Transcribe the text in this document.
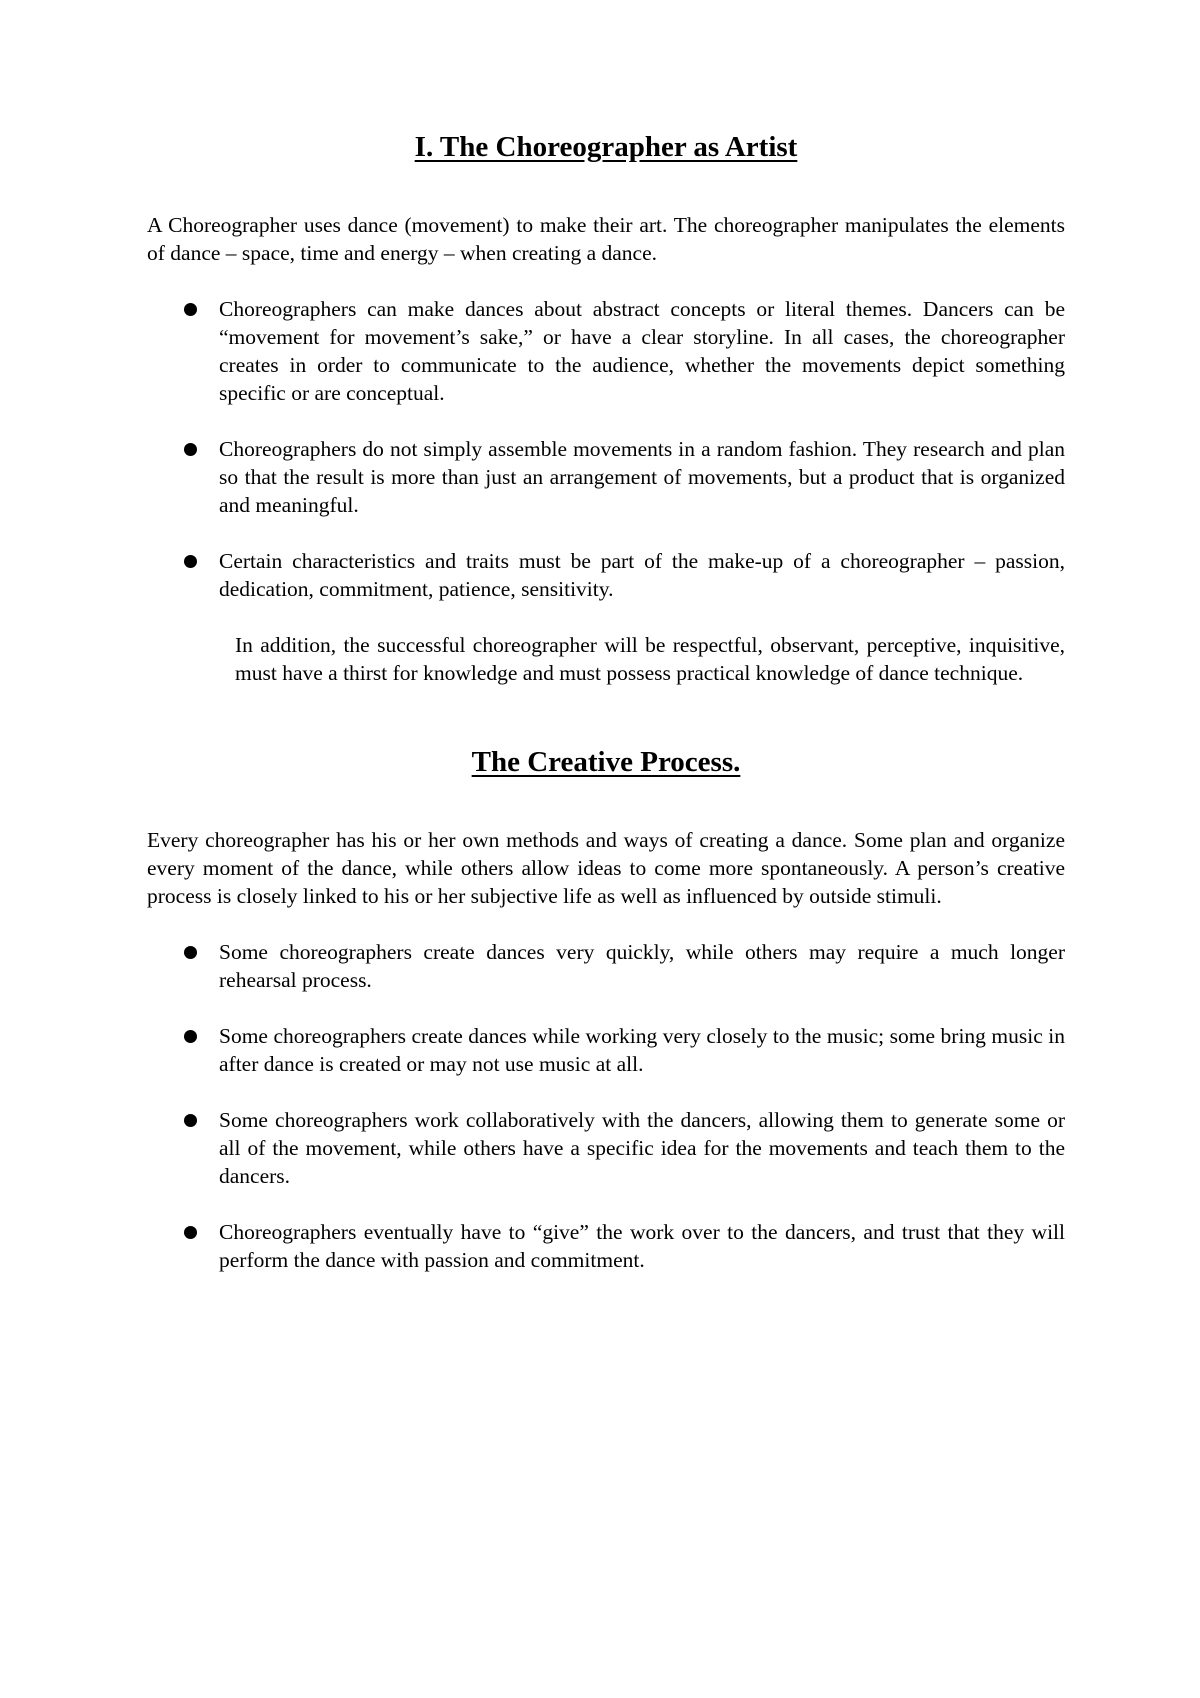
I. The Choreographer as Artist

A Choreographer uses dance (movement) to make their art. The choreographer manipulates the elements of dance – space, time and energy – when creating a dance.

Choreographers can make dances about abstract concepts or literal themes. Dancers can be “movement for movement’s sake,” or have a clear storyline. In all cases, the choreographer creates in order to communicate to the audience, whether the movements depict something specific or are conceptual.
Choreographers do not simply assemble movements in a random fashion. They research and plan so that the result is more than just an arrangement of movements, but a product that is organized and meaningful.
Certain characteristics and traits must be part of the make-up of a choreographer – passion, dedication, commitment, patience, sensitivity.

In addition, the successful choreographer will be respectful, observant, perceptive, inquisitive, must have a thirst for knowledge and must possess practical knowledge of dance technique.

The Creative Process.

Every choreographer has his or her own methods and ways of creating a dance. Some plan and organize every moment of the dance, while others allow ideas to come more spontaneously. A person’s creative process is closely linked to his or her subjective life as well as influenced by outside stimuli.

Some choreographers create dances very quickly, while others may require a much longer rehearsal process.
Some choreographers create dances while working very closely to the music; some bring music in after dance is created or may not use music at all.
Some choreographers work collaboratively with the dancers, allowing them to generate some or all of the movement, while others have a specific idea for the movements and teach them to the dancers.
Choreographers eventually have to “give” the work over to the dancers, and trust that they will perform the dance with passion and commitment.
